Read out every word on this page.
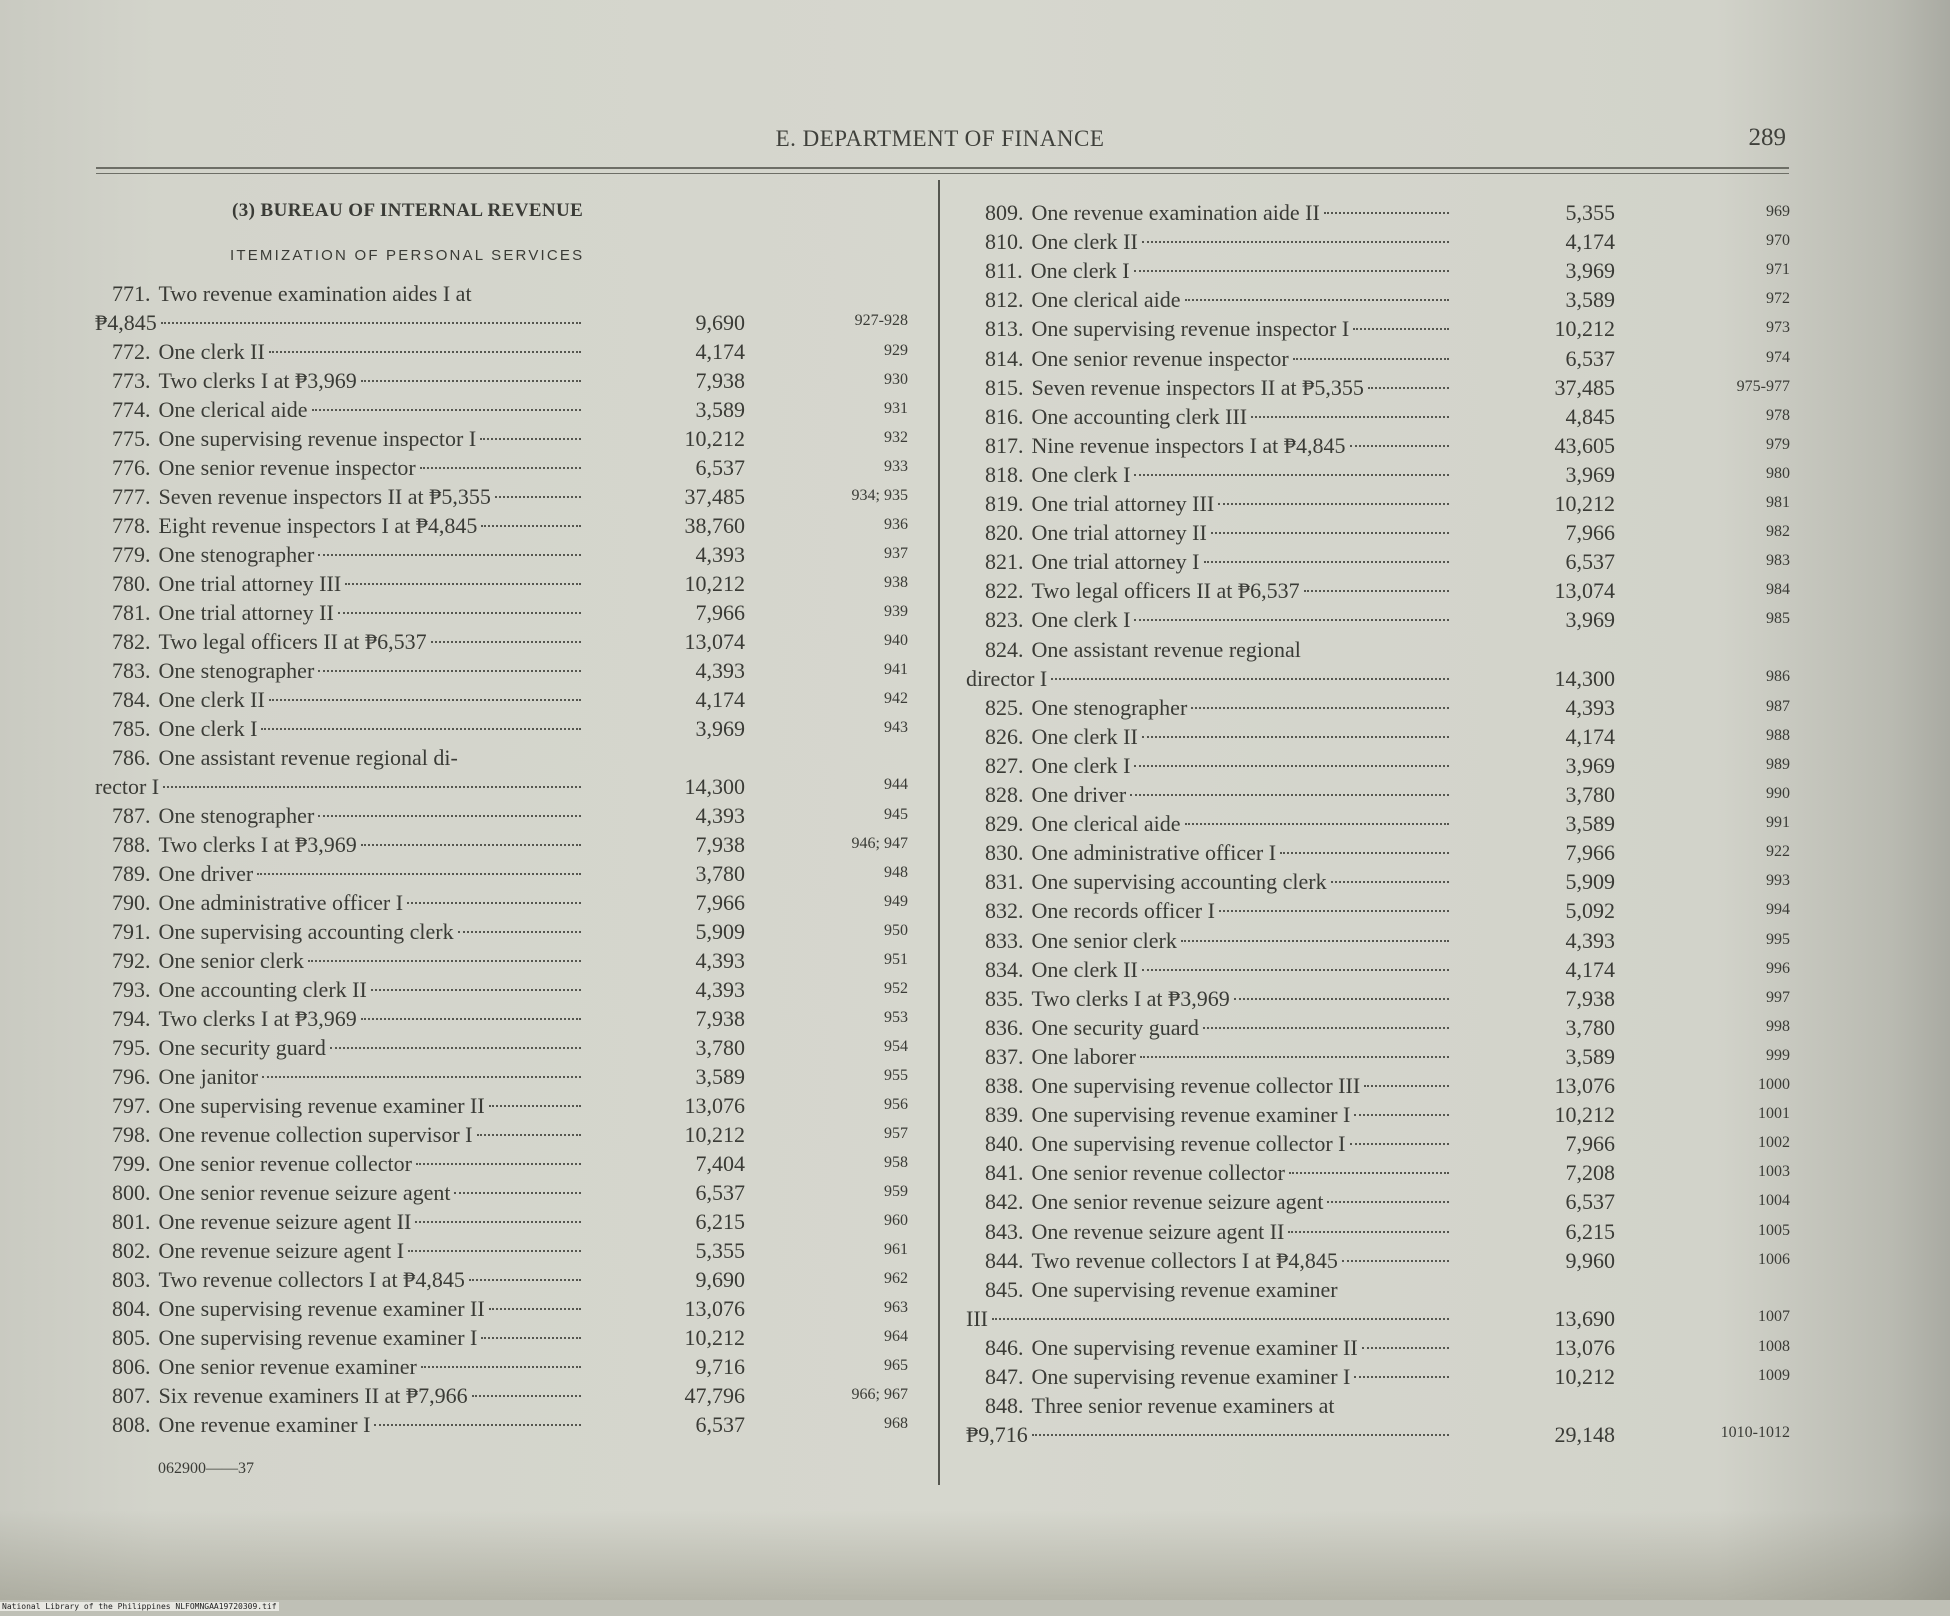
E. DEPARTMENT OF FINANCE	289
(3) BUREAU OF INTERNAL REVENUE
ITEMIZATION OF PERSONAL SERVICES
771. Two revenue examination aides I at
₱4,845	9,690	927-928
772. One clerk II	4,174	929
773. Two clerks I at ₱3,969	7,938	930
774. One clerical aide	3,589	931
775. One supervising revenue inspector I	10,212	932
776. One senior revenue inspector	6,537	933
777. Seven revenue inspectors II at ₱5,355	37,485	934; 935
778. Eight revenue inspectors I at ₱4,845	38,760	936
779. One stenographer	4,393	937
780. One trial attorney III	10,212	938
781. One trial attorney II	7,966	939
782. Two legal officers II at ₱6,537	13,074	940
783. One stenographer	4,393	941
784. One clerk II	4,174	942
785. One clerk I	3,969	943
786. One assistant revenue regional di-
rector I	14,300	944
787. One stenographer	4,393	945
788. Two clerks I at ₱3,969	7,938	946; 947
789. One driver	3,780	948
790. One administrative officer I	7,966	949
791. One supervising accounting clerk	5,909	950
792. One senior clerk	4,393	951
793. One accounting clerk II	4,393	952
794. Two clerks I at ₱3,969	7,938	953
795. One security guard	3,780	954
796. One janitor	3,589	955
797. One supervising revenue examiner II	13,076	956
798. One revenue collection supervisor I	10,212	957
799. One senior revenue collector	7,404	958
800. One senior revenue seizure agent	6,537	959
801. One revenue seizure agent II	6,215	960
802. One revenue seizure agent I	5,355	961
803. Two revenue collectors I at ₱4,845	9,690	962
804. One supervising revenue examiner II	13,076	963
805. One supervising revenue examiner I	10,212	964
806. One senior revenue examiner	9,716	965
807. Six revenue examiners II at ₱7,966	47,796	966; 967
808. One revenue examiner I	6,537	968
809. One revenue examination aide II	5,355	969
810. One clerk II	4,174	970
811. One clerk I	3,969	971
812. One clerical aide	3,589	972
813. One supervising revenue inspector I	10,212	973
814. One senior revenue inspector	6,537	974
815. Seven revenue inspectors II at ₱5,355	37,485	975-977
816. One accounting clerk III	4,845	978
817. Nine revenue inspectors I at ₱4,845	43,605	979
818. One clerk I	3,969	980
819. One trial attorney III	10,212	981
820. One trial attorney II	7,966	982
821. One trial attorney I	6,537	983
822. Two legal officers II at ₱6,537	13,074	984
823. One clerk I	3,969	985
824. One assistant revenue regional
director I	14,300	986
825. One stenographer	4,393	987
826. One clerk II	4,174	988
827. One clerk I	3,969	989
828. One driver	3,780	990
829. One clerical aide	3,589	991
830. One administrative officer I	7,966	922
831. One supervising accounting clerk	5,909	993
832. One records officer I	5,092	994
833. One senior clerk	4,393	995
834. One clerk II	4,174	996
835. Two clerks I at ₱3,969	7,938	997
836. One security guard	3,780	998
837. One laborer	3,589	999
838. One supervising revenue collector III	13,076	1000
839. One supervising revenue examiner I	10,212	1001
840. One supervising revenue collector I	7,966	1002
841. One senior revenue collector	7,208	1003
842. One senior revenue seizure agent	6,537	1004
843. One revenue seizure agent II	6,215	1005
844. Two revenue collectors I at ₱4,845	9,960	1006
845. One supervising revenue examiner
III	13,690	1007
846. One supervising revenue examiner II	13,076	1008
847. One supervising revenue examiner I	10,212	1009
848. Three senior revenue examiners at
₱9,716	29,148	1010-1012
062900——37
National Library of the Philippines NLFOMNGAA19720309.tif
